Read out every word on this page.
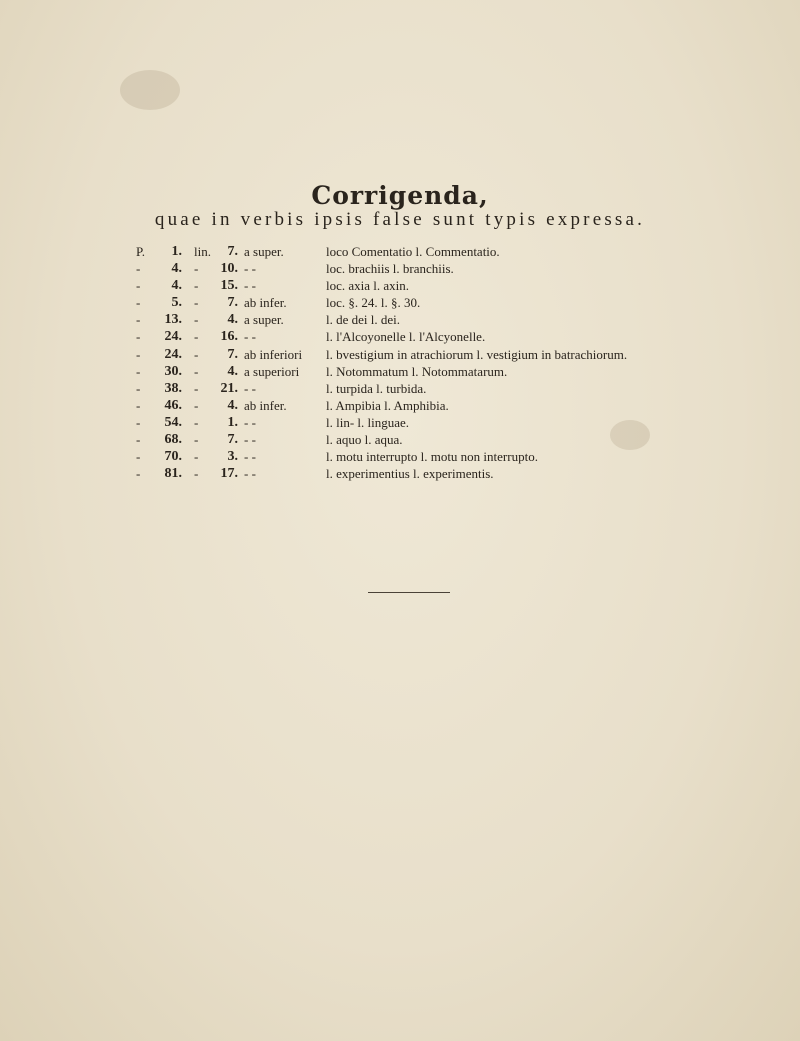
Corrigenda,
quae in verbis ipsis false sunt typis expressa.
P.	1. lin.	7. a super.	loco Comentatio l. Commentatio.
-	4. -	10. - -	loc. brachiis l. branchiis.
-	4. -	15. - -	loc. axia l. axin.
-	5. -	7. ab infer.	loc. §. 24. l. §. 30.
-	13. -	4. a super.	l. de dei l. dei.
-	24. -	16. - -	l. l'Alcoyonelle l. l'Alcyonelle.
-	24. -	7. ab inferiori l. bvestigium in atrachiorum l. vestigium in batrachiorum.
-	30. -	4. a superiori l. Notommatum l. Notommatarum.
-	38. -	21. - -	l. turpida l. turbida.
-	46. -	4. ab infer.	l. Ampibia l. Amphibia.
-	54. -	1. - -	l. lin- l. linguae.
-	68. -	7. - -	l. aquo l. aqua.
-	70. -	3. - -	l. motu interrupto l. motu non interrupto.
-	81. -	17. - -	l. experimentius l. experimentis.
